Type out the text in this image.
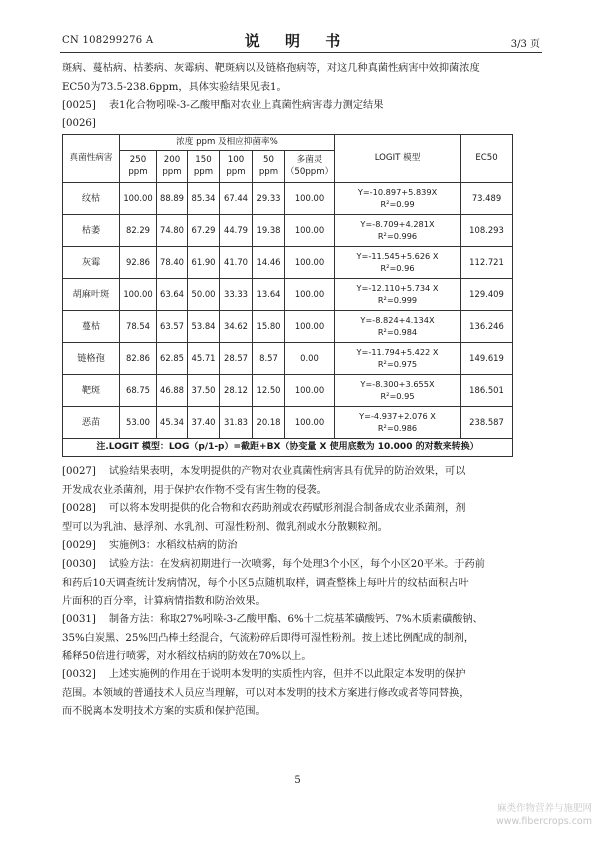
CN 108299276 A	说 明 书	3/3 页
斑病、蔓枯病、枯萎病、灰霉病、靶斑病以及链格孢病等，对这几种真菌性病害中效抑菌浓度
EC50为73.5-238.6ppm，具体实验结果见表1。
[0025] 表1化合物吲哚-3-乙酸甲酯对农业上真菌性病害毒力测定结果
[0026]
真菌性病害	浓度 ppm 及相应抑菌率%						LOGIT 模型	EC50
	250 ppm	200 ppm	150 ppm	100 ppm	50 ppm	多菌灵（50ppm）		
纹枯	100.00	88.89	85.34	67.44	29.33	100.00	Y=-10.897+5.839X
R²=0.99	73.489
枯萎	82.29	74.80	67.29	44.79	19.38	100.00	Y=-8.709+4.281X
R²=0.996	108.293
灰霉	92.86	78.40	61.90	41.70	14.46	100.00	Y=-11.545+5.626 X
R²=0.96	112.721
胡麻叶斑	100.00	63.64	50.00	33.33	13.64	100.00	Y=-12.110+5.734 X
R²=0.999	129.409
蔓枯	78.54	63.57	53.84	34.62	15.80	100.00	Y=-8.824+4.134X
R²=0.984	136.246
链格孢	82.86	62.85	45.71	28.57	8.57	0.00	Y=-11.794+5.422 X
R²=0.975	149.619
靶斑	68.75	46.88	37.50	28.12	12.50	100.00	Y=-8.300+3.655X
R²=0.95	186.501
恶苗	53.00	45.34	37.40	31.83	20.18	100.00	Y=-4.937+2.076 X
R²=0.986	238.587
注.LOGIT 模型：LOG（p/1-p）=截距+BX（协变量 X 使用底数为 10.000 的对数来转换）								
[0027] 试验结果表明，本发明提供的产物对农业真菌性病害具有优异的防治效果，可以
开发成农业杀菌剂，用于保护农作物不受有害生物的侵袭。
[0028] 可以将本发明提供的化合物和农药助剂或农药赋形剂混合制备成农业杀菌剂，剂
型可以为乳油、悬浮剂、水乳剂、可湿性粉剂、微乳剂或水分散颗粒剂。
[0029] 实施例3：水稻纹枯病的防治
[0030] 试验方法：在发病初期进行一次喷雾，每个处理3个小区，每个小区20平米。于药前
和药后10天调查统计发病情况，每个小区5点随机取样，调查整株上每叶片的纹枯面积占叶
片面积的百分率，计算病情指数和防治效果。
[0031] 制备方法：称取27%吲哚-3-乙酸甲酯、6%十二烷基苯磺酸钙、7%木质素磺酸钠、
35%白炭黑、25%凹凸棒土经混合，气流粉碎后即得可湿性粉剂。按上述比例配成的制剂，
稀释50倍进行喷雾，对水稻纹枯病的防效在70%以上。
[0032] 上述实施例的作用在于说明本发明的实质性内容，但并不以此限定本发明的保护
范围。本领域的普通技术人员应当理解，可以对本发明的技术方案进行修改或者等同替换，
而不脱离本发明技术方案的实质和保护范围。
5
麻类作物营养与施肥网
www.fibercrops.com
